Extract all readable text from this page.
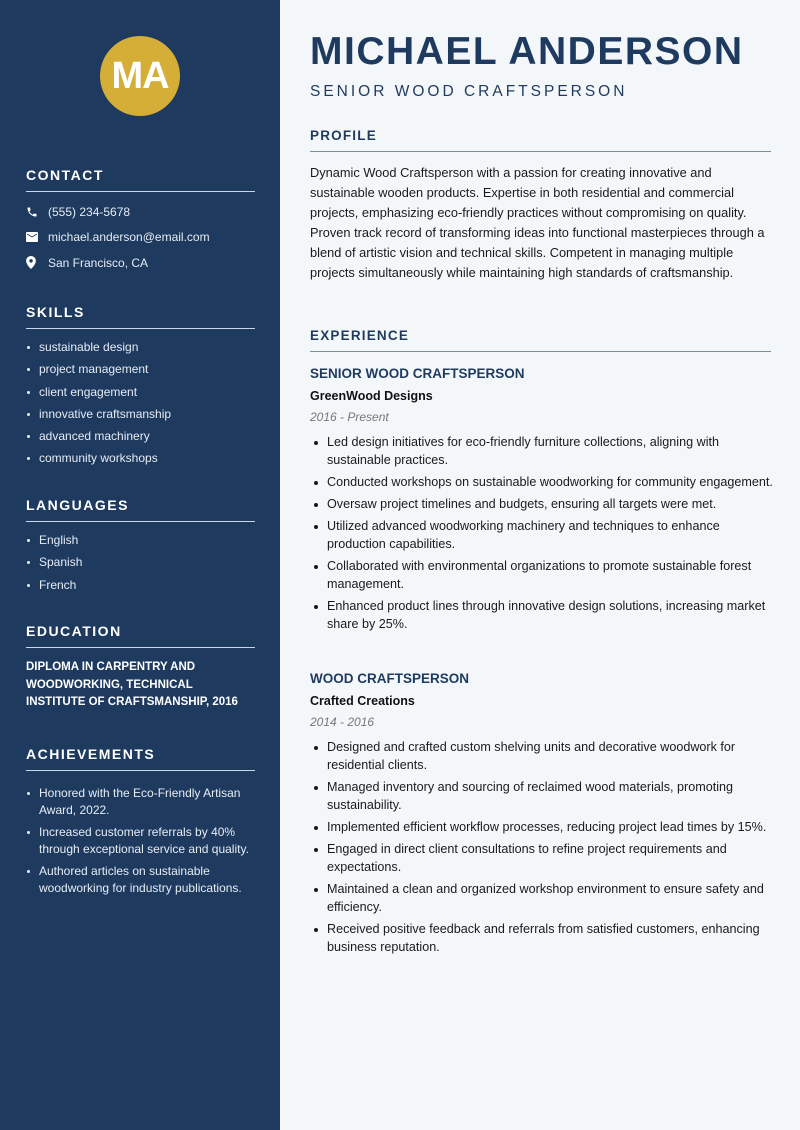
MA
CONTACT
(555) 234-5678
michael.anderson@email.com
San Francisco, CA
SKILLS
sustainable design
project management
client engagement
innovative craftsmanship
advanced machinery
community workshops
LANGUAGES
English
Spanish
French
EDUCATION
DIPLOMA IN CARPENTRY AND WOODWORKING, TECHNICAL INSTITUTE OF CRAFTSMANSHIP, 2016
ACHIEVEMENTS
Honored with the Eco-Friendly Artisan Award, 2022.
Increased customer referrals by 40% through exceptional service and quality.
Authored articles on sustainable woodworking for industry publications.
MICHAEL ANDERSON
SENIOR WOOD CRAFTSPERSON
PROFILE

Dynamic Wood Craftsperson with a passion for creating innovative and sustainable wooden products. Expertise in both residential and commercial projects, emphasizing eco-friendly practices without compromising on quality. Proven track record of transforming ideas into functional masterpieces through a blend of artistic vision and technical skills. Competent in managing multiple projects simultaneously while maintaining high standards of craftsmanship.

EXPERIENCE
SENIOR WOOD CRAFTSPERSON
GreenWood Designs
2016 - Present
Led design initiatives for eco-friendly furniture collections, aligning with sustainable practices.
Conducted workshops on sustainable woodworking for community engagement.
Oversaw project timelines and budgets, ensuring all targets were met.
Utilized advanced woodworking machinery and techniques to enhance production capabilities.
Collaborated with environmental organizations to promote sustainable forest management.
Enhanced product lines through innovative design solutions, increasing market share by 25%.
WOOD CRAFTSPERSON
Crafted Creations
2014 - 2016
Designed and crafted custom shelving units and decorative woodwork for residential clients.
Managed inventory and sourcing of reclaimed wood materials, promoting sustainability.
Implemented efficient workflow processes, reducing project lead times by 15%.
Engaged in direct client consultations to refine project requirements and expectations.
Maintained a clean and organized workshop environment to ensure safety and efficiency.
Received positive feedback and referrals from satisfied customers, enhancing business reputation.
